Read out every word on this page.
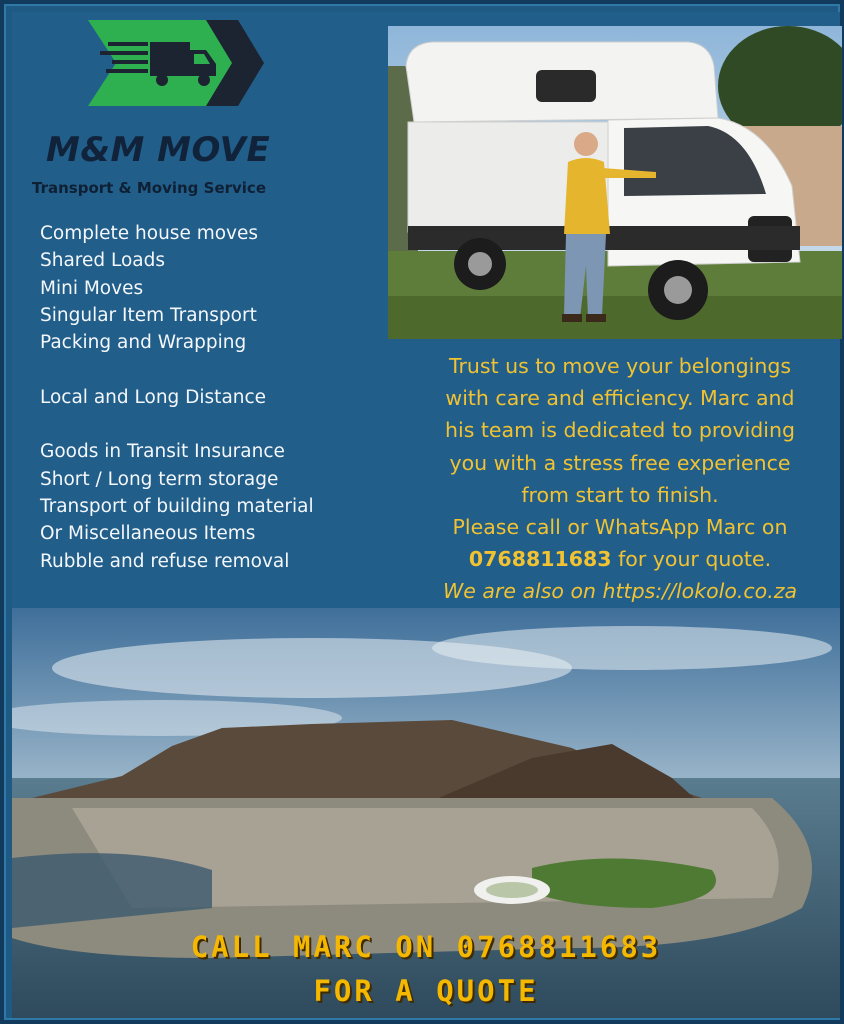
M&M MOVE
Transport & Moving Service
Complete house moves
Shared Loads
Mini Moves
Singular Item Transport
Packing and Wrapping
Local and Long Distance
Goods in Transit Insurance
Short / Long term storage
Transport of building material
Or Miscellaneous Items
Rubble and refuse removal
Trust us to move your belongings
with care and efficiency. Marc and
his team is dedicated to providing
you with a stress free experience
from start to finish.
Please call or WhatsApp Marc on
0768811683 for your quote.
We are also on https://lokolo.co.za
CALL MARC ON 0768811683
FOR A QUOTE
